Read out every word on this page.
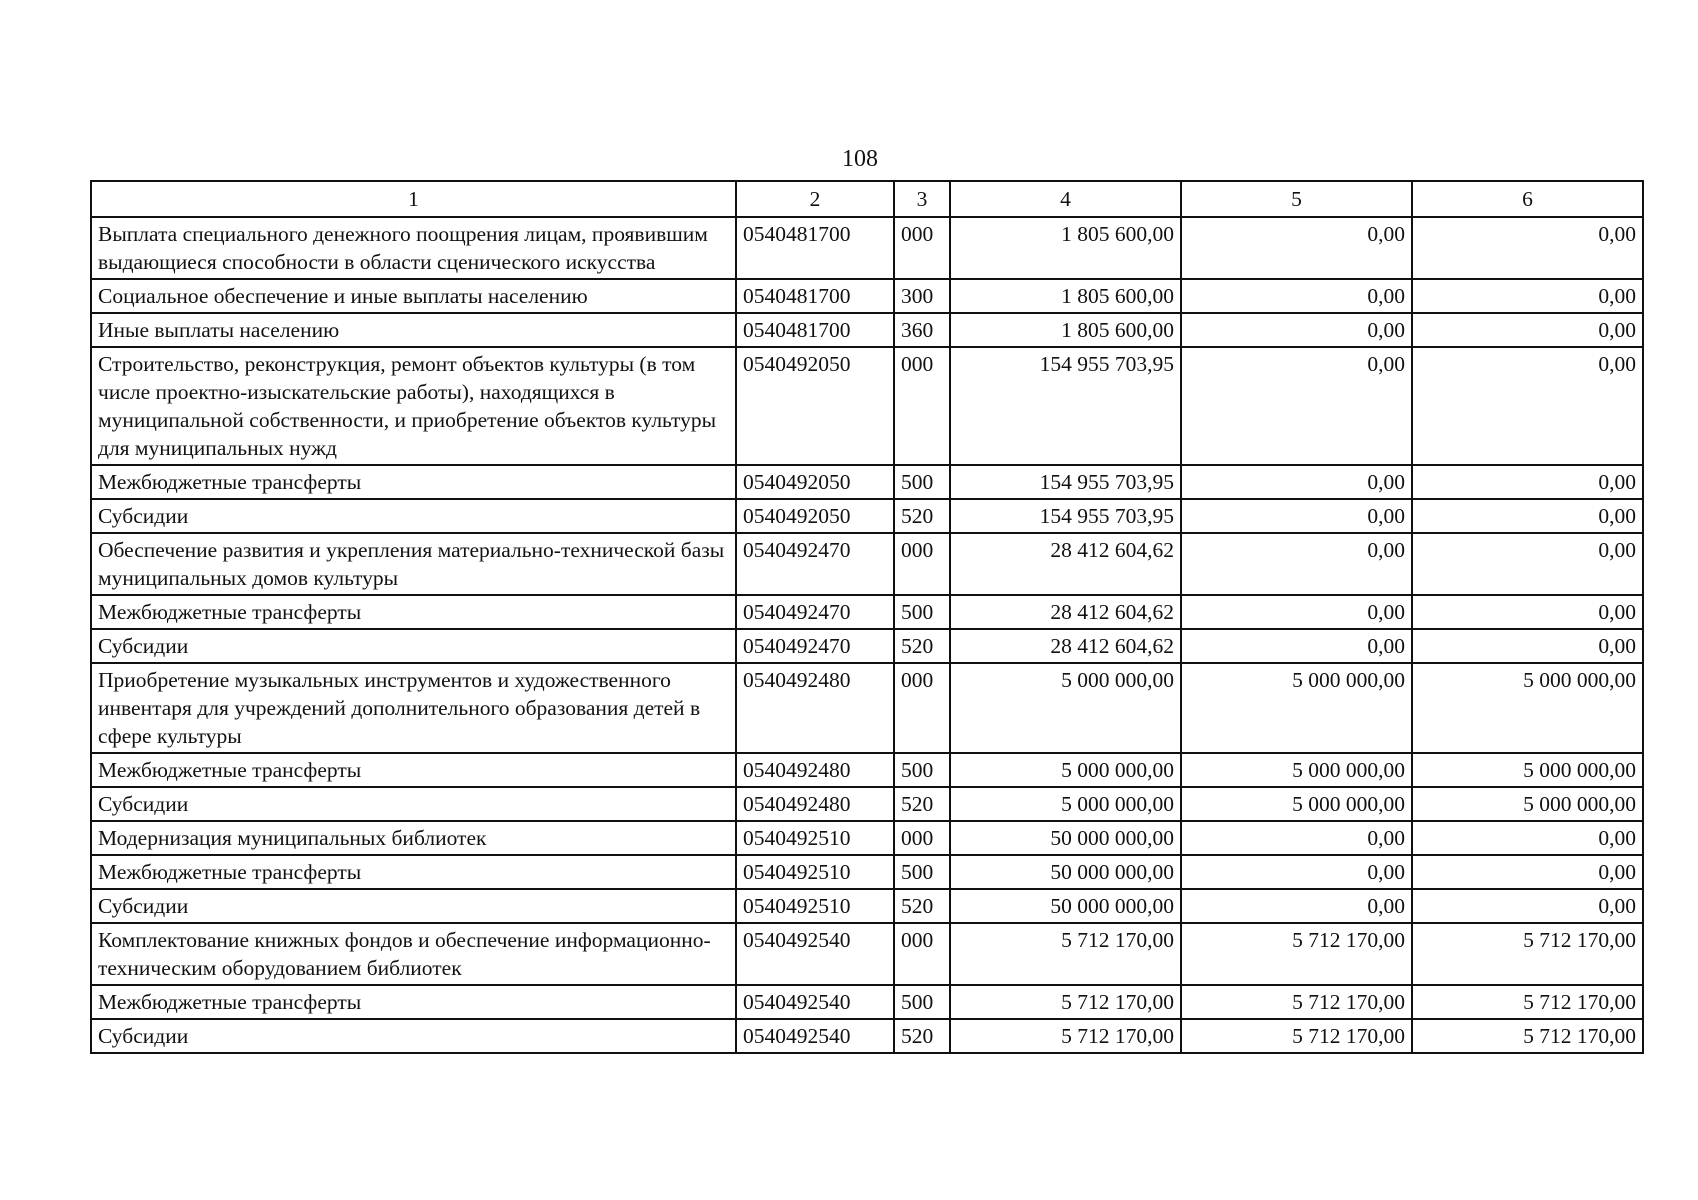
108
1	2	3	4	5	6
Выплата специального денежного поощрения лицам, проявившим выдающиеся способности в области сценического искусства	0540481700	000	1 805 600,00	0,00	0,00
Социальное обеспечение и иные выплаты населению	0540481700	300	1 805 600,00	0,00	0,00
Иные выплаты населению	0540481700	360	1 805 600,00	0,00	0,00
Строительство, реконструкция, ремонт объектов культуры (в том числе проектно-изыскательские работы), находящихся в муниципальной собственности, и приобретение объектов культуры для муниципальных нужд	0540492050	000	154 955 703,95	0,00	0,00
Межбюджетные трансферты	0540492050	500	154 955 703,95	0,00	0,00
Субсидии	0540492050	520	154 955 703,95	0,00	0,00
Обеспечение развития и укрепления материально-технической базы муниципальных домов культуры	0540492470	000	28 412 604,62	0,00	0,00
Межбюджетные трансферты	0540492470	500	28 412 604,62	0,00	0,00
Субсидии	0540492470	520	28 412 604,62	0,00	0,00
Приобретение музыкальных инструментов и художественного инвентаря для учреждений дополнительного образования детей в сфере культуры	0540492480	000	5 000 000,00	5 000 000,00	5 000 000,00
Межбюджетные трансферты	0540492480	500	5 000 000,00	5 000 000,00	5 000 000,00
Субсидии	0540492480	520	5 000 000,00	5 000 000,00	5 000 000,00
Модернизация муниципальных библиотек	0540492510	000	50 000 000,00	0,00	0,00
Межбюджетные трансферты	0540492510	500	50 000 000,00	0,00	0,00
Субсидии	0540492510	520	50 000 000,00	0,00	0,00
Комплектование книжных фондов и обеспечение информационно-техническим оборудованием библиотек	0540492540	000	5 712 170,00	5 712 170,00	5 712 170,00
Межбюджетные трансферты	0540492540	500	5 712 170,00	5 712 170,00	5 712 170,00
Субсидии	0540492540	520	5 712 170,00	5 712 170,00	5 712 170,00
